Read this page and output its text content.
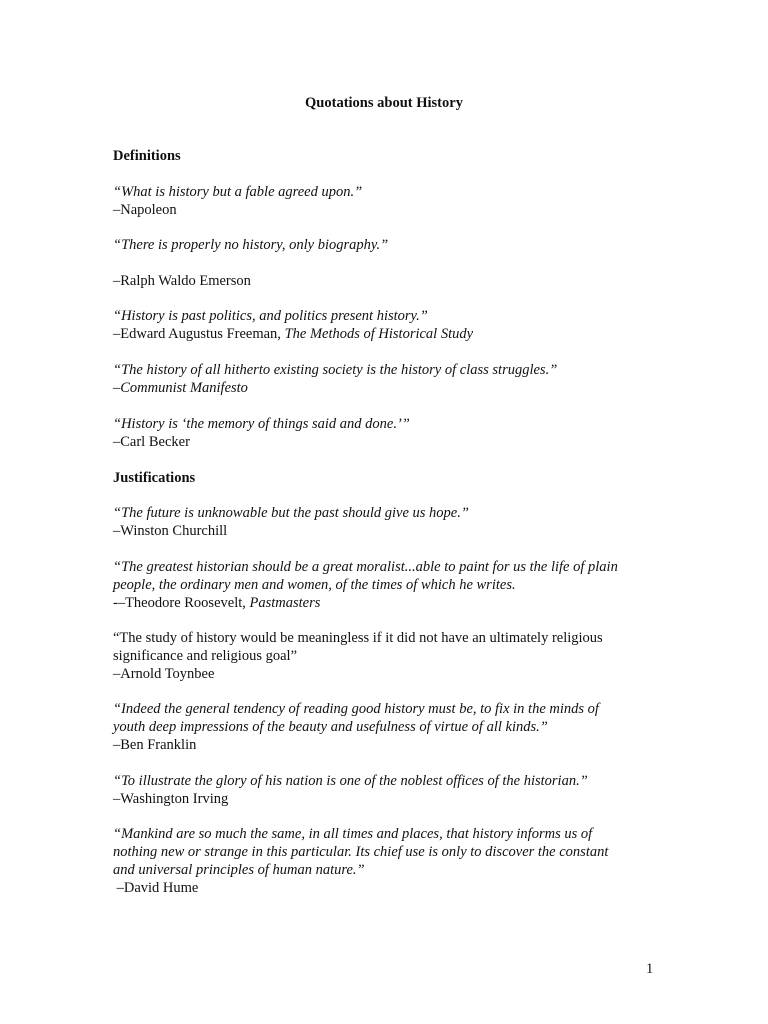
Quotations about History
Definitions
“What is history but a fable agreed upon.”
–Napoleon
“There is properly no history, only biography.”
–Ralph Waldo Emerson
“History is past politics, and politics present history.”
–Edward Augustus Freeman, The Methods of Historical Study
“The history of all hitherto existing society is the history of class struggles.”
–Communist Manifesto
“History is ‘the memory of things said and done.’”
–Carl Becker
Justifications
“The future is unknowable but the past should give us hope.”
–Winston Churchill
“The greatest historian should be a great moralist...able to paint for us the life of plain
people, the ordinary men and women, of the times of which he writes.
-–Theodore Roosevelt, Pastmasters
“The study of history would be meaningless if it did not have an ultimately religious
significance and religious goal”
–Arnold Toynbee
“Indeed the general tendency of reading good history must be, to fix in the minds of
youth deep impressions of the beauty and usefulness of virtue of all kinds.”
–Ben Franklin
“To illustrate the glory of his nation is one of the noblest offices of the historian.”
–Washington Irving
“Mankind are so much the same, in all times and places, that history informs us of
nothing new or strange in this particular. Its chief use is only to discover the constant
and universal principles of human nature.”
–David Hume
1
